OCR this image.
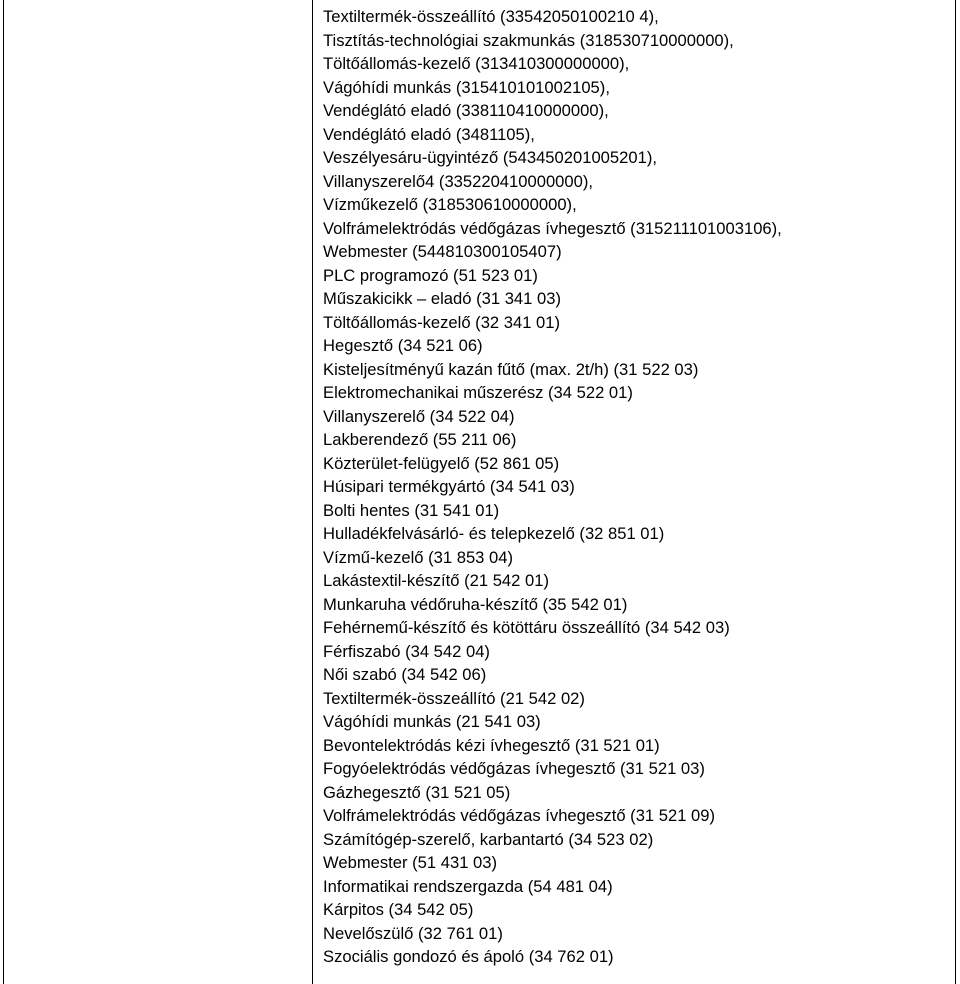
Textiltermék-összeállító (33542050100210 4),
Tisztítás-technológiai szakmunkás (318530710000000),
Töltőállomás-kezelő (313410300000000),
Vágóhídi munkás (315410101002105),
Vendéglátó eladó (338110410000000),
Vendéglátó eladó (3481105),
Veszélyesáru-ügyintéző (543450201005201),
Villanyszerelő4 (335220410000000),
Vízműkezelő (318530610000000),
Volfrámelektródás védőgázas ívhegesztő (315211101003106),
Webmester (544810300105407)
PLC programozó (51 523 01)
Műszakicikk – eladó (31 341 03)
Töltőállomás-kezelő (32 341 01)
Hegesztő (34 521 06)
Kisteljesítményű kazán fűtő (max. 2t/h) (31 522 03)
Elektromechanikai műszerész (34 522 01)
Villanyszerelő (34 522 04)
Lakberendező (55 211 06)
Közterület-felügyelő (52 861 05)
Húsipari termékgyártó (34 541 03)
Bolti hentes (31 541 01)
Hulladékfelvásárló- és telepkezelő (32 851 01)
Vízmű-kezelő (31 853 04)
Lakástextil-készítő (21 542 01)
Munkaruha védőruha-készítő (35 542 01)
Fehérnemű-készítő és kötöttáru összeállító (34 542 03)
Férfiszabó (34 542 04)
Női szabó (34 542 06)
Textiltermék-összeállító (21 542 02)
Vágóhídi munkás (21 541 03)
Bevontelektródás kézi ívhegesztő (31 521 01)
Fogyóelektródás védőgázas ívhegesztő (31 521 03)
Gázhegesztő (31 521 05)
Volfrámelektródás védőgázas ívhegesztő (31 521 09)
Számítógép-szerelő, karbantartó (34 523 02)
Webmester (51 431 03)
Informatikai rendszergazda (54 481 04)
Kárpitos (34 542 05)
Nevelőszülő (32 761 01)
Szociális gondozó és ápoló (34 762 01)
